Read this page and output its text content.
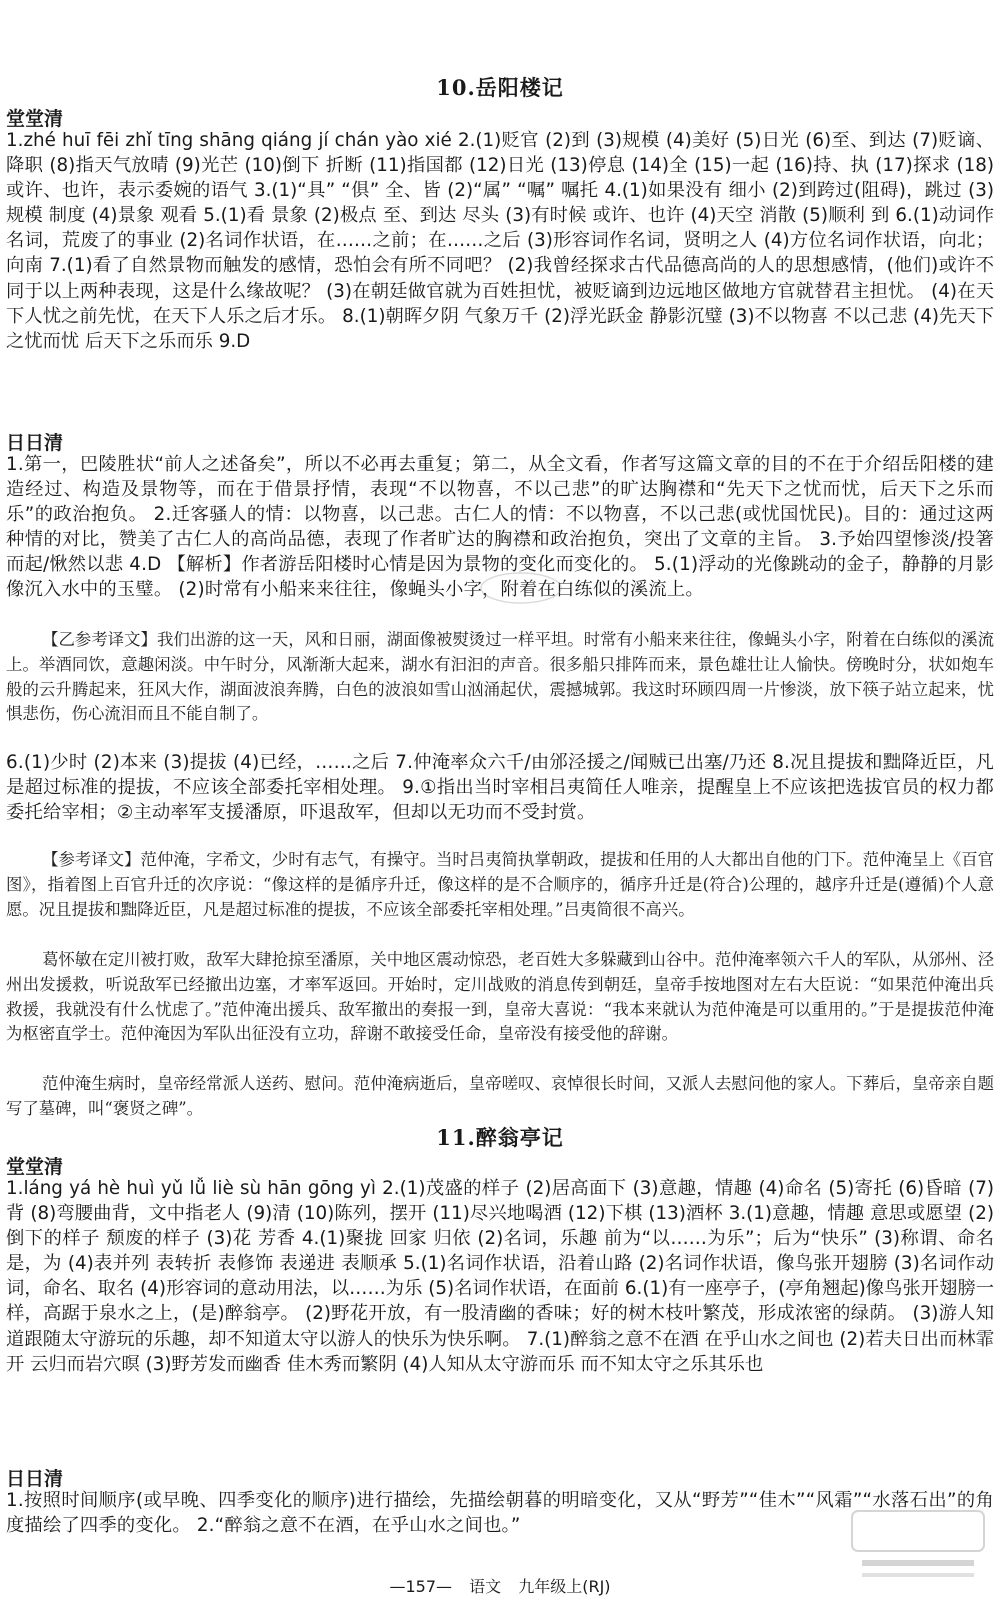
10.岳阳楼记
堂堂清

1.zhé huī fēi zhǐ tīng shāng qiáng jí chán yào xié 2.(1)贬官 (2)到 (3)规模 (4)美好 (5)日光 (6)至、到达 (7)贬谪、降职 (8)指天气放晴 (9)光芒 (10)倒下 折断 (11)指国都 (12)日光 (13)停息 (14)全 (15)一起 (16)持、执 (17)探求 (18)或许、也许，表示委婉的语气 3.(1)“具” “俱” 全、皆 (2)“属” “嘱” 嘱托 4.(1)如果没有 细小 (2)到跨过(阻碍)，跳过 (3)规模 制度 (4)景象 观看 5.(1)看 景象 (2)极点 至、到达 尽头 (3)有时候 或许、也许 (4)天空 消散 (5)顺利 到 6.(1)动词作名词，荒废了的事业 (2)名词作状语，在……之前；在……之后 (3)形容词作名词，贤明之人 (4)方位名词作状语，向北；向南 7.(1)看了自然景物而触发的感情，恐怕会有所不同吧？ (2)我曾经探求古代品德高尚的人的思想感情，(他们)或许不同于以上两种表现，这是什么缘故呢？ (3)在朝廷做官就为百姓担忧，被贬谪到边远地区做地方官就替君主担忧。 (4)在天下人忧之前先忧，在天下人乐之后才乐。 8.(1)朝晖夕阴 气象万千 (2)浮光跃金 静影沉璧 (3)不以物喜 不以己悲 (4)先天下之忧而忧 后天下之乐而乐 9.D

日日清

1.第一，巴陵胜状“前人之述备矣”，所以不必再去重复；第二，从全文看，作者写这篇文章的目的不在于介绍岳阳楼的建造经过、构造及景物等，而在于借景抒情，表现“不以物喜，不以己悲”的旷达胸襟和“先天下之忧而忧，后天下之乐而乐”的政治抱负。 2.迁客骚人的情：以物喜，以己悲。古仁人的情：不以物喜，不以己悲(或忧国忧民)。目的：通过这两种情的对比，赞美了古仁人的高尚品德，表现了作者旷达的胸襟和政治抱负，突出了文章的主旨。 3.予始四望惨淡/投箸而起/愀然以悲 4.D 【解析】作者游岳阳楼时心情是因为景物的变化而变化的。 5.(1)浮动的光像跳动的金子，静静的月影像沉入水中的玉璧。 (2)时常有小船来来往往，像蝇头小字，附着在白练似的溪流上。

【乙参考译文】我们出游的这一天，风和日丽，湖面像被熨烫过一样平坦。时常有小船来来往往，像蝇头小字，附着在白练似的溪流上。举酒同饮，意趣闲淡。中午时分，风渐渐大起来，湖水有汩汩的声音。很多船只排阵而来，景色雄壮让人愉快。傍晚时分，状如炮车般的云升腾起来，狂风大作，湖面波浪奔腾，白色的波浪如雪山汹涌起伏，震撼城郭。我这时环顾四周一片惨淡，放下筷子站立起来，忧惧悲伤，伤心流泪而且不能自制了。

6.(1)少时 (2)本来 (3)提拔 (4)已经，……之后 7.仲淹率众六千/由邠泾援之/闻贼已出塞/乃还 8.况且提拔和黜降近臣，凡是超过标准的提拔，不应该全部委托宰相处理。 9.①指出当时宰相吕夷简任人唯亲，提醒皇上不应该把选拔官员的权力都委托给宰相；②主动率军支援潘原，吓退敌军，但却以无功而不受封赏。

【参考译文】范仲淹，字希文，少时有志气，有操守。当时吕夷简执掌朝政，提拔和任用的人大都出自他的门下。范仲淹呈上《百官图》，指着图上百官升迁的次序说：“像这样的是循序升迁，像这样的是不合顺序的，循序升迁是(符合)公理的，越序升迁是(遵循)个人意愿。况且提拔和黜降近臣，凡是超过标准的提拔，不应该全部委托宰相处理。”吕夷简很不高兴。

葛怀敏在定川被打败，敌军大肆抢掠至潘原，关中地区震动惊恐，老百姓大多躲藏到山谷中。范仲淹率领六千人的军队，从邠州、泾州出发援救，听说敌军已经撤出边塞，才率军返回。开始时，定川战败的消息传到朝廷，皇帝手按地图对左右大臣说：“如果范仲淹出兵救援，我就没有什么忧虑了。”范仲淹出援兵、敌军撤出的奏报一到，皇帝大喜说：“我本来就认为范仲淹是可以重用的。”于是提拔范仲淹为枢密直学士。范仲淹因为军队出征没有立功，辞谢不敢接受任命，皇帝没有接受他的辞谢。

范仲淹生病时，皇帝经常派人送药、慰问。范仲淹病逝后，皇帝嗟叹、哀悼很长时间，又派人去慰问他的家人。下葬后，皇帝亲自题写了墓碑，叫“褒贤之碑”。

11.醉翁亭记
堂堂清

1.láng yá hè huì yǔ lǚ liè sù hān gōng yì 2.(1)茂盛的样子 (2)居高面下 (3)意趣，情趣 (4)命名 (5)寄托 (6)昏暗 (7)背 (8)弯腰曲背，文中指老人 (9)清 (10)陈列，摆开 (11)尽兴地喝酒 (12)下棋 (13)酒杯 3.(1)意趣，情趣 意思或愿望 (2)倒下的样子 颓废的样子 (3)花 芳香 4.(1)聚拢 回家 归依 (2)名词，乐趣 前为“以……为乐”；后为“快乐” (3)称谓、命名 是，为 (4)表并列 表转折 表修饰 表递进 表顺承 5.(1)名词作状语，沿着山路 (2)名词作状语，像鸟张开翅膀 (3)名词作动词，命名、取名 (4)形容词的意动用法，以……为乐 (5)名词作状语，在面前 6.(1)有一座亭子，(亭角翘起)像鸟张开翅膀一样，高踞于泉水之上，(是)醉翁亭。 (2)野花开放，有一股清幽的香味；好的树木枝叶繁茂，形成浓密的绿荫。 (3)游人知道跟随太守游玩的乐趣，却不知道太守以游人的快乐为快乐啊。 7.(1)醉翁之意不在酒 在乎山水之间也 (2)若夫日出而林霏开 云归而岩穴暝 (3)野芳发而幽香 佳木秀而繁阴 (4)人知从太守游而乐 而不知太守之乐其乐也

日日清

1.按照时间顺序(或早晚、四季变化的顺序)进行描绘，先描绘朝暮的明暗变化，又从“野芳”“佳木”“风霜”“水落石出”的角度描绘了四季的变化。 2.“醉翁之意不在酒，在乎山水之间也。”

—157— 语文 九年级上(RJ)
